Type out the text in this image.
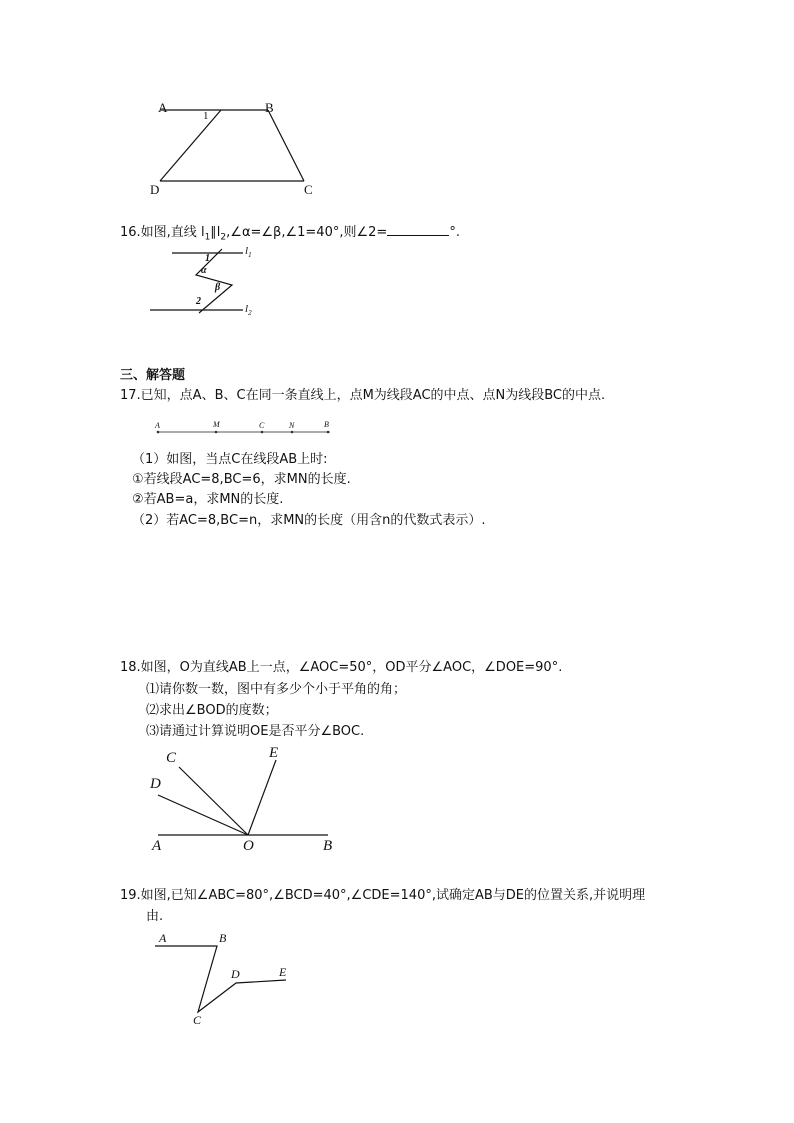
A	B
C
D
1
16.如图,直线 $l_1\parallel l_2,\angle\alpha=\angle\beta,\angle 1=40^\circ$,则∠2=	°.
$l_1$
$l_2$
1
α
β
2
三、解答题
17.已知，点A、B、C在同一条直线上，点M为线段AC的中点、点N为线段BC的中点.
A	M	C	N	B
（1）如图，当点C在线段AB上时:
①若线段AC=8,BC=6，求MN的长度.
②若AB=a，求MN的长度.
（2）若AC=8,BC=n，求MN的长度（用含n的代数式表示）.
18.如图，O为直线AB上一点，∠AOC=50°，OD平分∠AOC，∠DOE=90°.
⑴请你数一数，图中有多少个小于平角的角；
⑵求出∠BOD的度数；
⑶请通过计算说明OE是否平分∠BOC.
C	E
D
A	O	B
19.如图,已知∠ABC=80°,∠BCD=40°,∠CDE=140°,试确定AB与DE的位置关系,并说明理
由.
A	B
D	E
C
